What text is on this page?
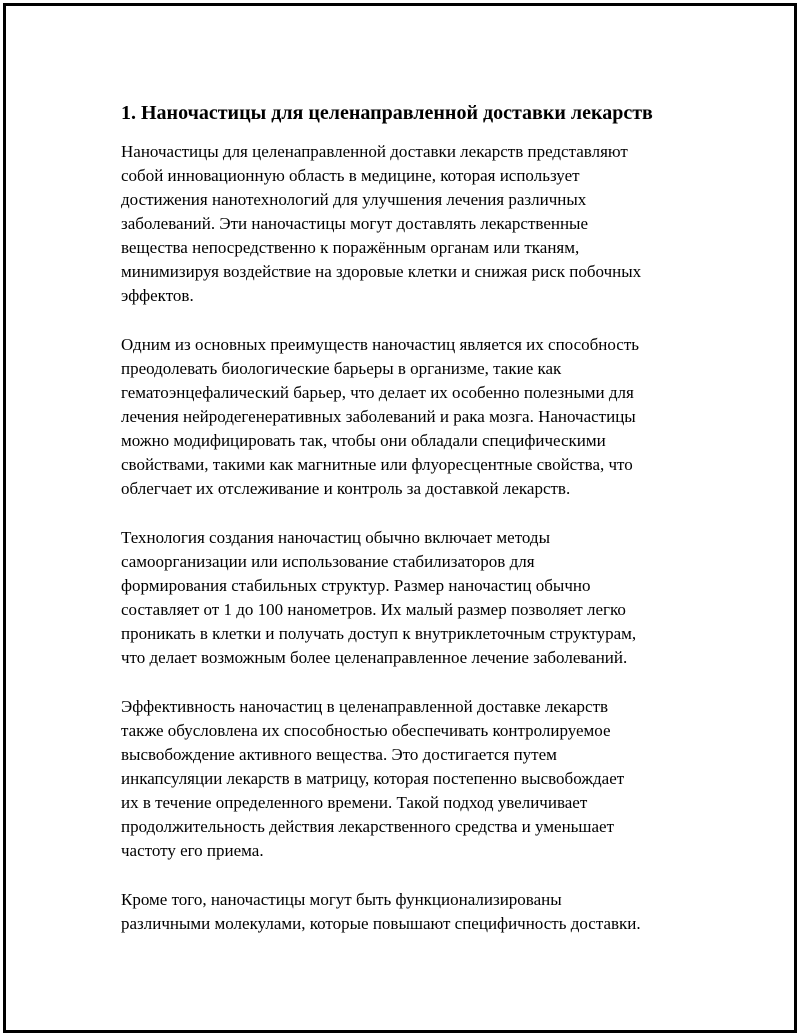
1. Наночастицы для целенаправленной доставки лекарств

Наночастицы для целенаправленной доставки лекарств представляют
собой инновационную область в медицине, которая использует
достижения нанотехнологий для улучшения лечения различных
заболеваний. Эти наночастицы могут доставлять лекарственные
вещества непосредственно к поражённым органам или тканям,
минимизируя воздействие на здоровые клетки и снижая риск побочных
эффектов.

Одним из основных преимуществ наночастиц является их способность
преодолевать биологические барьеры в организме, такие как
гематоэнцефалический барьер, что делает их особенно полезными для
лечения нейродегенеративных заболеваний и рака мозга. Наночастицы
можно модифицировать так, чтобы они обладали специфическими
свойствами, такими как магнитные или флуоресцентные свойства, что
облегчает их отслеживание и контроль за доставкой лекарств.

Технология создания наночастиц обычно включает методы
самоорганизации или использование стабилизаторов для
формирования стабильных структур. Размер наночастиц обычно
составляет от 1 до 100 нанометров. Их малый размер позволяет легко
проникать в клетки и получать доступ к внутриклеточным структурам,
что делает возможным более целенаправленное лечение заболеваний.

Эффективность наночастиц в целенаправленной доставке лекарств
также обусловлена их способностью обеспечивать контролируемое
высвобождение активного вещества. Это достигается путем
инкапсуляции лекарств в матрицу, которая постепенно высвобождает
их в течение определенного времени. Такой подход увеличивает
продолжительность действия лекарственного средства и уменьшает
частоту его приема.

Кроме того, наночастицы могут быть функционализированы
различными молекулами, которые повышают специфичность доставки.
